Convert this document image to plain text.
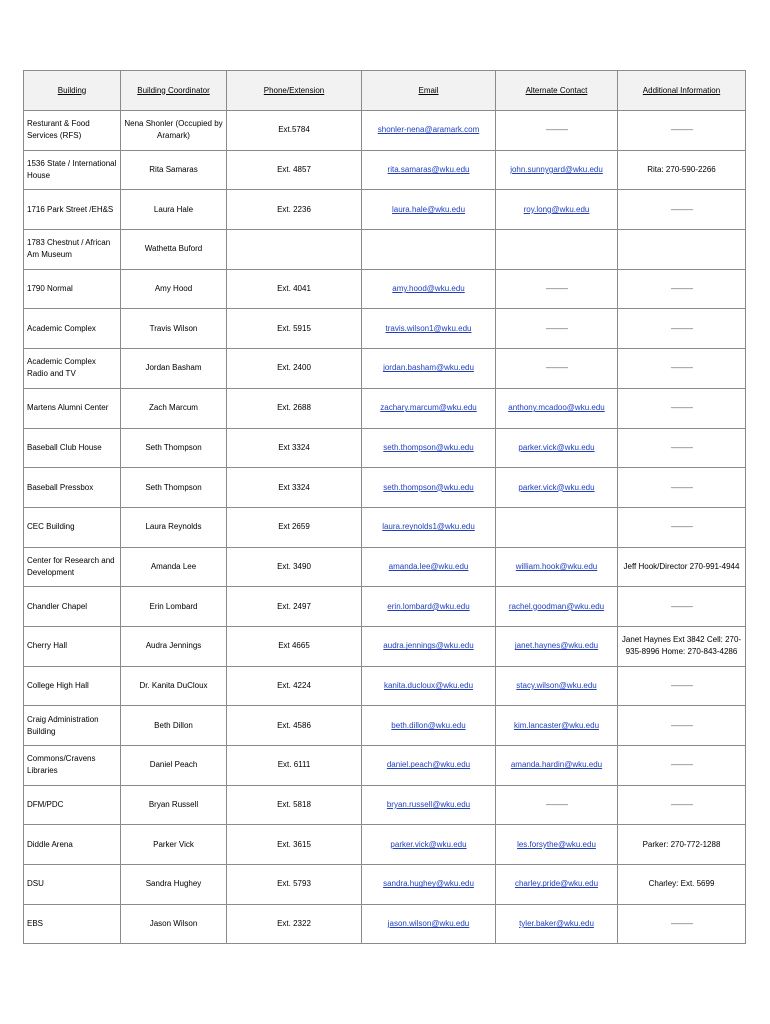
Building	Building Coordinator	Phone/Extension	Email	Alternate Contact	Additional Information
Resturant & Food Services (RFS)	Nena Shonler (Occupied by Aramark)	Ext.5784	shonler-nena@aramark.com	———	———
1536 State / International House	Rita Samaras	Ext. 4857	rita.samaras@wku.edu	john.sunnygard@wku.edu	Rita: 270-590-2266
1716 Park Street /EH&S	Laura Hale	Ext. 2236	laura.hale@wku.edu	roy.long@wku.edu	———
1783 Chestnut / African Am Museum	Wathetta Buford				
1790 Normal	Amy Hood	Ext. 4041	amy.hood@wku.edu	———	———
Academic Complex	Travis Wilson	Ext. 5915	travis.wilson1@wku.edu	———	———
Academic Complex Radio and TV	Jordan Basham	Ext. 2400	jordan.basham@wku.edu	———	———
Martens Alumni Center	Zach Marcum	Ext. 2688	zachary.marcum@wku.edu	anthony.mcadoo@wku.edu	———
Baseball Club House	Seth Thompson	Ext 3324	seth.thompson@wku.edu	parker.vick@wku.edu	———
Baseball Pressbox	Seth Thompson	Ext 3324	seth.thompson@wku.edu	parker.vick@wku.edu	———
CEC Building	Laura Reynolds	Ext 2659	laura.reynolds1@wku.edu		———
Center for Research and Development	Amanda Lee	Ext. 3490	amanda.lee@wku.edu	william.hook@wku.edu	Jeff Hook/Director 270-991-4944
Chandler Chapel	Erin Lombard	Ext. 2497	erin.lombard@wku.edu	rachel.goodman@wku.edu	———
Cherry Hall	Audra Jennings	Ext 4665	audra.jennings@wku.edu	janet.haynes@wku.edu	Janet Haynes Ext 3842 Cell: 270-935-8996 Home: 270-843-4286
College High Hall	Dr. Kanita DuCloux	Ext. 4224	kanita.ducloux@wku.edu	stacy.wilson@wku.edu	———
Craig Administration Building	Beth Dillon	Ext. 4586	beth.dillon@wku.edu	kim.lancaster@wku.edu	———
Commons/Cravens Libraries	Daniel Peach	Ext. 6111	daniel.peach@wku.edu	amanda.hardin@wku.edu	———
DFM/PDC	Bryan Russell	Ext. 5818	bryan.russell@wku.edu	———	———
Diddle Arena	Parker Vick	Ext. 3615	parker.vick@wku.edu	les.forsythe@wku.edu	Parker: 270-772-1288
DSU	Sandra Hughey	Ext. 5793	sandra.hughey@wku.edu	charley.pride@wku.edu	Charley: Ext. 5699
EBS	Jason Wilson	Ext. 2322	jason.wilson@wku.edu	tyler.baker@wku.edu	———
